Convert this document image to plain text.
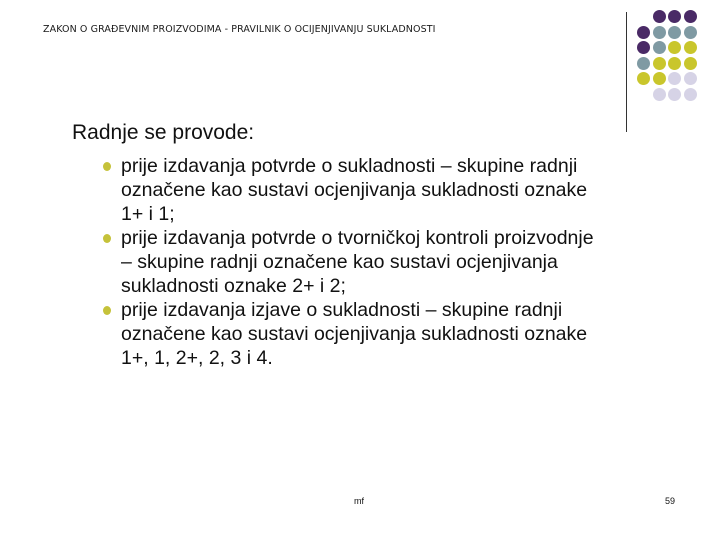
ZAKON O GRAĐEVNIM PROIZVODIMA - PRAVILNIK O OCIJENJIVANJU SUKLADNOSTI
Radnje se provode:
prije izdavanja potvrde o sukladnosti – skupine radnji
označene kao sustavi ocjenjivanja sukladnosti oznake
1+ i 1;
prije izdavanja potvrde o tvorničkoj kontroli proizvodnje
– skupine radnji označene kao sustavi ocjenjivanja
sukladnosti oznake 2+ i 2;
prije izdavanja izjave o sukladnosti – skupine radnji
označene kao sustavi ocjenjivanja sukladnosti oznake
1+, 1, 2+, 2, 3 i 4.
mf	59
